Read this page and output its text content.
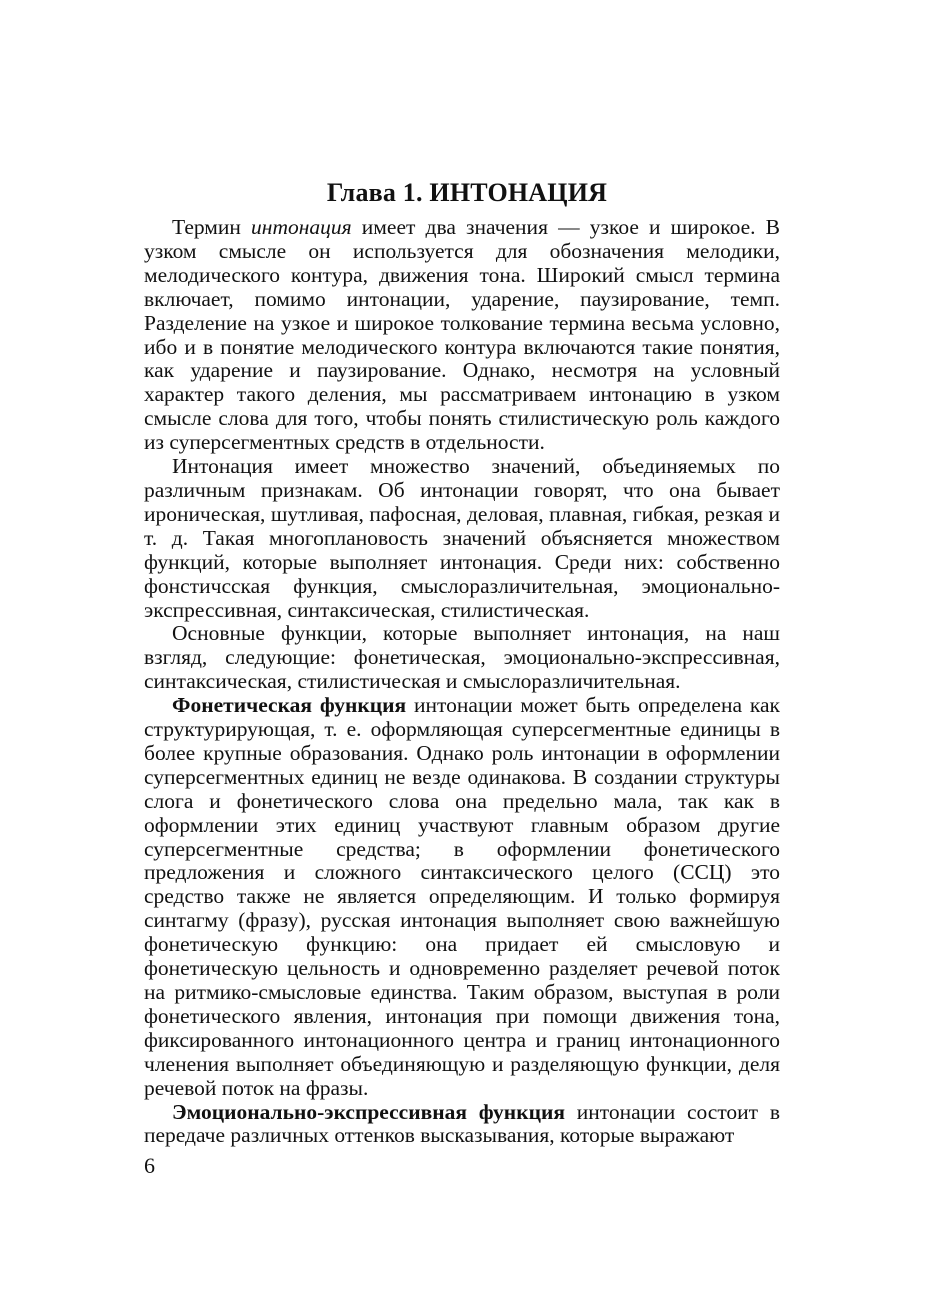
Глава 1. ИНТОНАЦИЯ

Термин интонация имеет два значения — узкое и широкое. В узком смысле он используется для обозначения мелодики, мелодического контура, движения тона. Широкий смысл термина включает, помимо интонации, ударение, паузирование, темп. Разделение на узкое и широкое толкование термина весьма условно, ибо и в понятие мелодического контура включаются такие понятия, как ударение и паузирование. Однако, несмотря на условный характер такого деления, мы рассматриваем интонацию в узком смысле слова для того, чтобы понять стилистическую роль каждого из суперсегментных средств в отдельности.

Интонация имеет множество значений, объединяемых по различным признакам. Об интонации говорят, что она бывает ироническая, шутливая, пафосная, деловая, плавная, гибкая, резкая и т. д. Такая многоплановость значений объясняется множеством функций, которые выполняет интонация. Среди них: собственно фонстичсская функция, смыслоразличительная, эмоционально-экспрессивная, синтаксическая, стилистическая.

Основные функции, которые выполняет интонация, на наш взгляд, следующие: фонетическая, эмоционально-экспрессивная, синтаксическая, стилистическая и смыслоразличительная.

Фонетическая функция интонации может быть определена как структурирующая, т. е. оформляющая суперсегментные единицы в более крупные образования. Однако роль интонации в оформлении суперсегментных единиц не везде одинакова. В создании структуры слога и фонетического слова она предельно мала, так как в оформлении этих единиц участвуют главным образом другие суперсегментные средства; в оформлении фонетического предложения и сложного синтаксического целого (ССЦ) это средство также не является определяющим. И только формируя синтагму (фразу), русская интонация выполняет свою важнейшую фонетическую функцию: она придает ей смысловую и фонетическую цельность и одновременно разделяет речевой поток на ритмико-смысловые единства. Таким образом, выступая в роли фонетического явления, интонация при помощи движения тона, фиксированного интонационного центра и границ интонационного членения выполняет объединяющую и разделяющую функции, деля речевой поток на фразы.

Эмоционально-экспрессивная функция интонации состоит в передаче различных оттенков высказывания, которые выражают

6
